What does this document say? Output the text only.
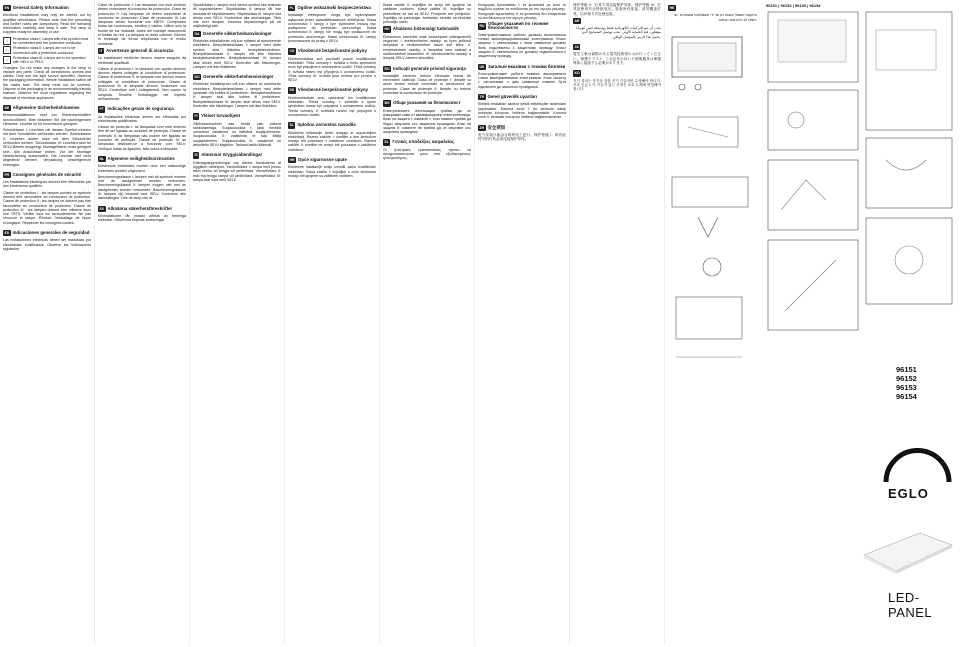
EN General Safety Information

Electrical installations may only be carried out by qualified electricians. Please note that the preceding and further notes are compulsory. Read the following information carefully and keep it safe. The lamp is supplied ready for assembly or use.

⏚	Protection class I: Lamps with this symbol must be connected with the protective conductor.
▢	Protection class II: Lamps are not to be connected with a protective conductor.
◇	Protection class III: Lamps are to be operated with SELV or PELV.

Changes: Do not make any changes to the lamp or replace any parts. Check all connections, screws and cables. Only use the light source specified. Observe the packaging information. Before installation switch off the mains fuse. The lamp must not be covered. Dispose of the packaging in an environmentally friendly manner. Observe the local regulations regarding the disposal of electrical appliances.

DE Allgemeine Sicherheitshinweise

Elektroinstallationen sind von Elektrofachkräften durchzuführen. Bitte beachten Sie die nachfolgenden Hinweise. Leuchte ist für Innenräume geeignet.

Schutzklasse I: Leuchten mit diesem Symbol müssen mit dem Schutzleiter verbunden werden. Schutzklasse II: Leuchten dürfen nicht mit dem Schutzleiter verbunden werden. Schutzklasse III: Leuchten sind für SELV-Betrieb ausgelegt. Montagefläche muss geeignet sein. Alle Anschlüsse prüfen. Vor der Montage Netzsicherung ausschalten. Die Leuchte darf nicht abgedeckt werden. Verpackung umweltgerecht entsorgen.

FR Consignes générales de sécurité

Les installations électriques doivent être effectuées par des électriciens qualifiés.

Classe de protection I : les lampes portant ce symbole doivent être raccordées au conducteur de protection. Classe de protection II : les lampes ne doivent pas être raccordées au conducteur de protection. Classe de protection III : les lampes doivent être utilisées avec une TBTS. Vérifier tous les raccordements. Ne pas recouvrir la lampe. Éliminer l'emballage de façon écologique. Respecter les consignes locales.

ES Indicaciones generales de seguridad

Las instalaciones eléctricas deben ser realizadas por electricistas cualificados. Observe las indicaciones siguientes.

Clase de protección I: Las lámparas con este símbolo deben conectarse al conductor de protección. Clase de protección II: Las lámparas no deben conectarse al conductor de protección. Clase de protección III: Las lámparas deben funcionar con MBTS. Compruebe todas las conexiones, tornillos y cables. Utilice solo la fuente de luz indicada. Antes del montaje desconecte el fusible de red. La lámpara no debe cubrirse. Elimine el embalaje de forma respetuosa con el medio ambiente.

IT Avvertenze generali di sicurezza

Le installazioni elettriche devono essere eseguite da elettricisti qualificati.

Classe di protezione I: le lampade con questo simbolo devono essere collegate al conduttore di protezione. Classe di protezione II: le lampade non devono essere collegate al conduttore di protezione. Classe di protezione III: le lampade devono funzionare con SELV. Controllare tutti i collegamenti. Non coprire la lampada. Smaltire l'imballaggio nel rispetto dell'ambiente.

PT Indicações gerais de segurança

As instalações eléctricas devem ser efetuadas por electricistas qualificados.

Classe de proteção I: as lâmpadas com este símbolo têm de ser ligadas ao condutor de proteção. Classe de proteção II: as lâmpadas não podem ser ligadas ao condutor de proteção. Classe de proteção III: as lâmpadas destinam-se a funcionar com SELV. Verifique todas as ligações. Não cubra a lâmpada.

NL Algemene veiligheidsinstructies

Elektrische installaties moeten door een vakkundige elektricien worden uitgevoerd.

Beschermingsklasse I: lampen met dit symbool moeten met de aardgeleider worden verbonden. Beschermingsklasse II: lampen mogen niet met de aardgeleider worden verbonden. Beschermingsklasse III: lampen zijn bedoeld voor SELV. Controleer alle aansluitingen. Dek de lamp niet af.

SV Allmänna säkerhetsföreskrifter

Elinstallationer får endast utföras av behöriga elektriker. Observera följande anvisningar.

Skyddsklass I: lampor med denna symbol ska anslutas till skyddsledaren. Skyddsklass II: lampor får inte anslutas till skyddsledaren. Skyddsklass III: lampor ska drivas med SELV. Kontrollera alla anslutningar. Täck inte över lampan. Kassera förpackningen på ett miljövänligt sätt.

DA Generelle sikkerhedsanvisninger

Elektriske installationer må kun udføres af autoriserede elektrikere. Beskyttelsesklasse I: lamper med dette symbol skal tilsluttes beskyttelseslederen. Beskyttelsesklasse II: lamper må ikke tilsluttes beskyttelseslederen. Beskyttelsesklasse III: lamper skal drives med SELV. Kontroller alle tilslutninger. Lampen må ikke tildækkes.

NO Generelle sikkerhetshenvisninger

Elektriske installasjoner må kun utføres av autoriserte elektrikere. Beskyttelsesklasse I: lamper med dette symbolet må kobles til jordlederen. Beskyttelsesklasse II: lamper skal ikke kobles til jordlederen. Beskyttelsesklasse III: lamper skal drives med SELV. Kontroller alle tilkoblinger. Lampen må ikke tildekkes.

FI Yleiset turvaohjeet

Sähköasennukset saa tehdä vain pätevä sähköasentaja. Suojausluokka I: tällä merkillä varustetut valaisimet on liitettävä suojajohtimeen. Suojausluokka II: valaisimia ei saa liittää suojajohtimeen. Suojausluokka III: valaisimet on tarkoitettu SELV-käyttöön. Tarkista kaikki liitännät.

IS Almennar öryggisábendingar

Rafmagnsuppsetningar má aðeins framkvæma af löggiltum rafvirkjum. Varnarflokkur I: lampa með þessu tákni verður að tengja við jarðleiðara. Varnarflokkur II: ekki má tengja lampa við jarðleiðara. Varnarflokkur III: lampa skal nota með SELV.

PL Ogólne wskazówki bezpieczeństwa

Instalacje elektryczne mogą być wykonywane wyłącznie przez wykwalifikowanych elektryków. Klasa ochronności I: lampy z tym symbolem muszą być podłączone do przewodu ochronnego. Klasa ochronności II: lampy nie mogą być podłączone do przewodu ochronnego. Klasa ochronności III: lampy przeznaczone do pracy z SELV.

CS Všeobecné bezpečnostní pokyny

Elektroinstalace smí provádět pouze kvalifikovaní elektrikáři. Třída ochrany I: svítidla s tímto symbolem musí být připojena k ochrannému vodiči. Třída ochrany II: svítidla nesmí být připojena k ochrannému vodiči. Třída ochrany III: svítidla jsou určena pro provoz s SELV.

SK Všeobecné bezpečnostné pokyny

Elektroinštalácie smú vykonávať len kvalifikovaní elektrikári. Trieda ochrany I: svietidlá s týmto symbolom musia byť pripojené k ochrannému vodiču. Trieda ochrany II: svietidlá nesmú byť pripojené k ochrannému vodiču.

SL Splošna varnostna navodila

Električne inštalacije lahko izvajajo le usposobljeni električarji. Razred zaščite I: svetilke s tem simbolom morajo biti povezane z zaščitnim vodnikom. Razred zaščite II: svetilke ne smejo biti povezane z zaščitnim vodnikom.

HR Opće sigurnosne upute

Električne instalacije smiju izvoditi samo kvalificirani električari. Klasa zaštite I: svjetiljke s ovim simbolom moraju biti spojene sa zaštitnim vodičem.

Klasa zaštite II: svjetiljke ne smiju biti spojene sa zaštitnim vodičem. Klasa zaštite III: svjetiljke su predviđene za rad sa SELV. Provjerite sve priključke. Svjetiljku ne prekrivajte. Ambalažu zbrinite na ekološki prihvatljiv način.

HU Általános biztonsági tudnivalók

Elektromos szerelést csak szakképzett villanyszerelő végezhet. I. érintésvédelmi osztály: az ilyen jelölésű lámpákat a védővezetővel össze kell kötni. II. érintésvédelmi osztály: a lámpákat nem szabad a védővezetővel összekötni. III. érintésvédelmi osztály: a lámpák SELV üzemre készültek.

RO Indicaţii generale privind siguranţa

Instalaţiile electrice trebuie efectuate numai de electricieni calificaţi. Clasa de protecţie I: lămpile cu acest simbol trebuie conectate la conductorul de protecţie. Clasa de protecţie II: lămpile nu trebuie conectate la conductorul de protecţie.

BG Общи указания за безопасност

Електрическите инсталации трябва да се извършват само от квалифицирани електротехници. Клас на защита I: лампите с този символ трябва да бъдат свързани със защитния проводник. Клас на защита II: лампите не трябва да се свързват със защитния проводник.

EL Γενικές υποδείξεις ασφαλείας

Οι ηλεκτρικές εγκαταστάσεις πρέπει να πραγματοποιούνται μόνο από εξειδικευμένους ηλεκτρολόγους.

Κατηγορία προστασίας I: τα φωτιστικά με αυτό το σύμβολο πρέπει να συνδέονται με τον αγωγό γείωσης. Κατηγορία προστασίας II: τα φωτιστικά δεν επιτρέπεται να συνδέονται με τον αγωγό γείωσης.

RU
Общие указания по технике безопасности

Электромонтажные работы должны выполняться только квалифицированными электриками. Класс защиты I: светильники с этим символом должны быть подключены к защитному проводу. Класс защиты II: светильники не должны подключаться к защитному проводу.

UK Загальні вказівки з техніки безпеки

Електромонтажні роботи повинні виконуватися тільки кваліфікованими електриками. Клас захисту I: світильники з цим символом повинні бути підключені до захисного провідника.

TR Genel güvenlik uyarıları

Elektrik tesisatları sadece yetkili elektrikçiler tarafından yapılmalıdır. Koruma sınıfı I: bu sembole sahip lambalar koruyucu iletkene bağlanmalıdır. Koruma sınıfı II: lambalar koruyucu iletkene bağlanmamalıdır.

ZH 安全须知

电气安装只能由合格的电工进行。保护等级 I：带有此符号的灯具必须连接保护导体。

保护等级 II：灯具不得连接保护导体。保护等级 III：灯具应使用安全特低电压。检查所有连接。请勿覆盖灯具。以环保方式处理包装。

AR

يجب أن تتم التركيبات الكهربائية فقط بواسطة فنيي كهرباء مؤهلين. فئة الحماية الأولى: يجب توصيل المصابيح التي تحمل هذا الرمز بالموصل الواقي.

JA

電気工事は資格のある電気技術者のみが行ってください。保護クラス I：この記号の付いた照明器具は保護導体に接続する必要があります。

KO

전기 설치는 자격을 갖춘 전기 기술자만 수행해야 합니다. 보호 등급 I: 이 기호가 있는 조명은 보호 도체에 연결해야 합니다.

HE

התקנות חשמל יבוצעו רק על ידי חשמלאים מוסמכים. יש לשים לב להוראות הבאות.

96151 | 96152 | 96153 | 96154
96151
96152
96153
96154
EGLO
LED-PANEL
